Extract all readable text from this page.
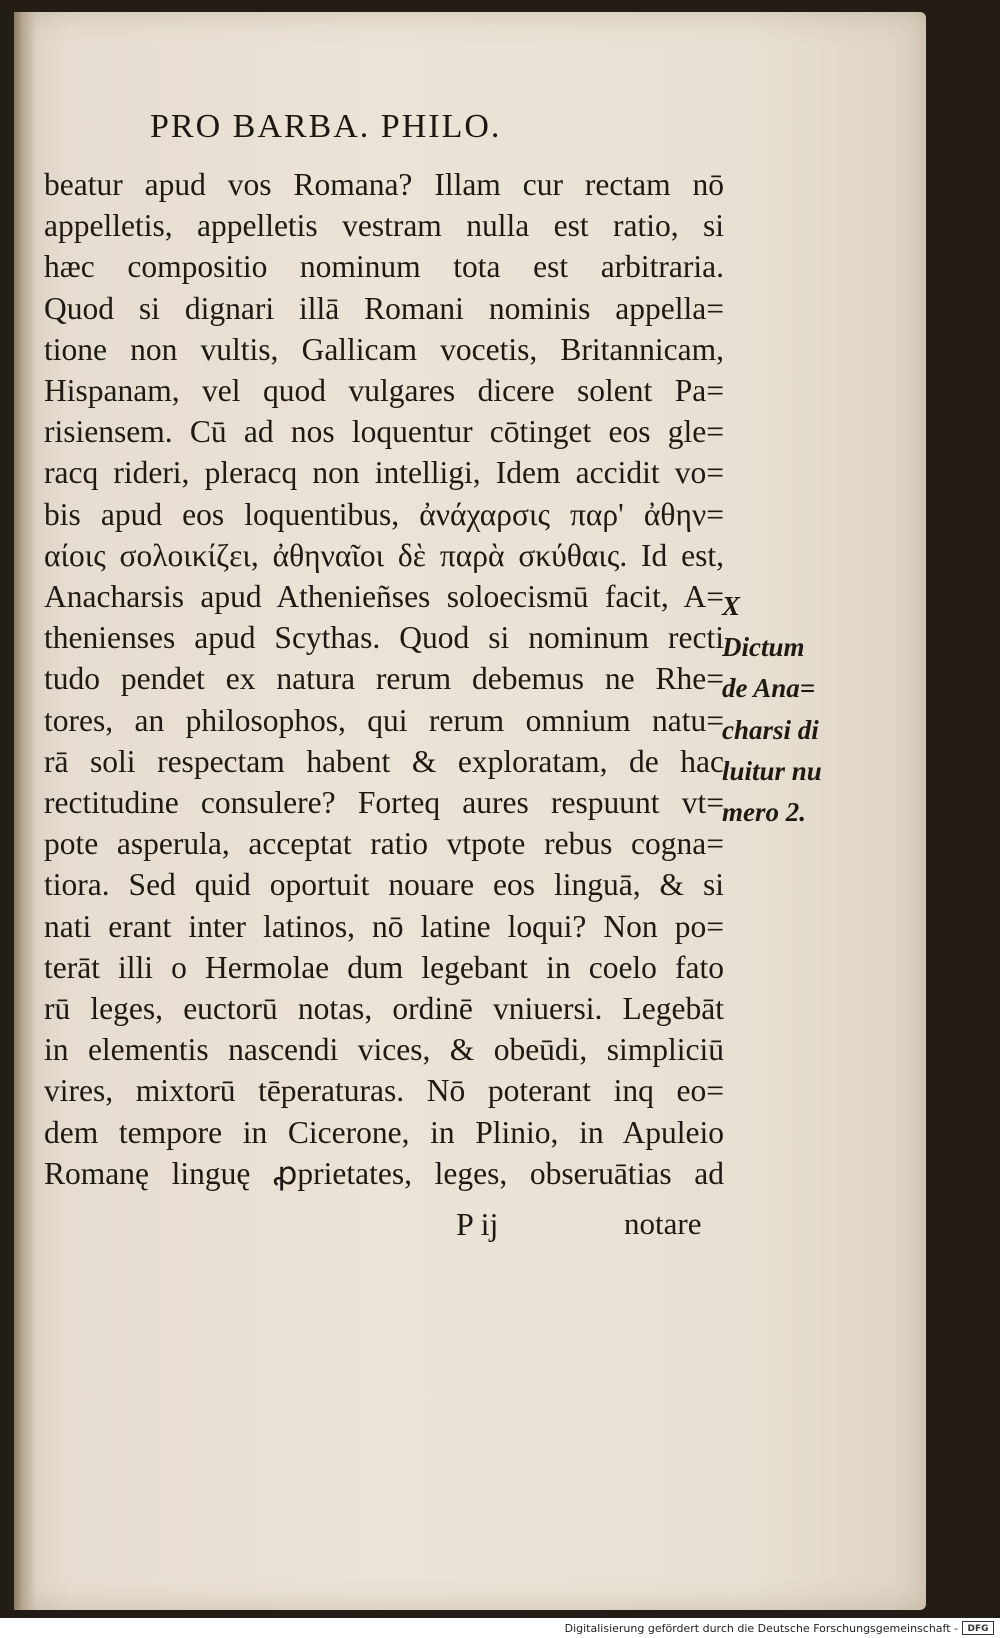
PRO BARBA. PHILO.
beatur apud vos Romana? Illam cur rectam nō
appelletis, appelletis vestram nulla est ratio, si
hæc compositio nominum tota est arbitraria.
Quod si dignari illā Romani nominis appella=
tione non vultis, Gallicam vocetis, Britannicam,
Hispanam, vel quod vulgares dicere solent Pa=
risiensem. Cū ad nos loquentur cōtinget eos gle=
racq rideri, pleracq non intelligi, Idem accidit vo=
bis apud eos loquentibus, ἀνάχαρσις παρ' ἀθην=
αίοις σολοικίζει, ἀθηναῖοι δὲ παρὰ σκύθαις. Id est,
Anacharsis apud Athenieñses soloecismū facit, A=
thenienses apud Scythas. Quod si nominum recti
tudo pendet ex natura rerum debemus ne Rhe=
tores, an philosophos, qui rerum omnium natu=
rā soli respectam habent & exploratam, de hac
rectitudine consulere? Forteq aures respuunt vt=
pote asperula, acceptat ratio vtpote rebus cogna=
tiora. Sed quid oportuit nouare eos linguā, & si
nati erant inter latinos, nō latine loqui? Non po=
terāt illi o Hermolae dum legebant in coelo fato
rū leges, euctorū notas, ordinē vniuersi. Legebāt
in elementis nascendi vices, & obeūdi, simpliciū
vires, mixtorū tēperaturas. Nō poterant inq eo=
dem tempore in Cicerone, in Plinio, in Apuleio
Romanę linguę ꝓprietates, leges, obseruātias ad
X
Dictum
de Ana=
charsi di
luitur nu
mero 2.
P ij	notare
Digitalisierung gefördert durch die Deutsche Forschungsgemeinschaft -	DFG
